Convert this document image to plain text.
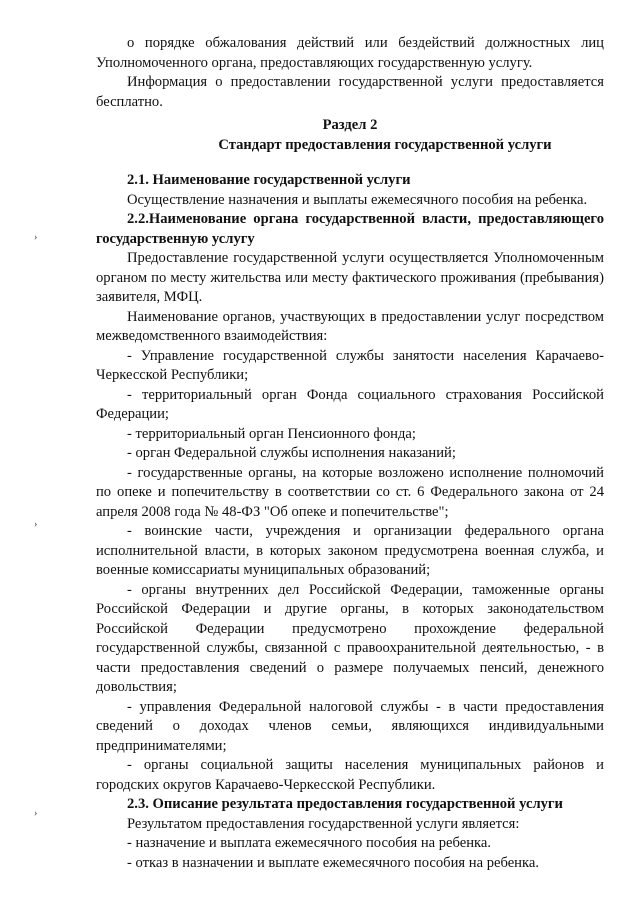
›
›
›

о порядке обжалования действий или бездействий должностных лиц Уполномоченного органа, предоставляющих государственную услугу.

Информация о предоставлении государственной услуги предоставляется бесплатно.

Раздел 2

Стандарт предоставления государственной услуги

2.1. Наименование государственной услуги

Осуществление назначения и выплаты ежемесячного пособия на ребенка.

2.2.Наименование органа государственной власти, предоставляющего государственную услугу

Предоставление государственной услуги осуществляется Уполномоченным органом по месту жительства или месту фактического проживания (пребывания) заявителя, МФЦ.

Наименование органов, участвующих в предоставлении услуг посредством межведомственного взаимодействия:

- Управление государственной службы занятости населения Карачаево-Черкесской Республики;

- территориальный орган Фонда социального страхования Российской Федерации;

- территориальный орган Пенсионного фонда;

- орган Федеральной службы исполнения наказаний;

- государственные органы, на которые возложено исполнение полномочий по опеке и попечительству в соответствии со ст. 6 Федерального закона от 24 апреля 2008 года № 48-ФЗ "Об опеке и попечительстве";

- воинские части, учреждения и организации федерального органа исполнительной власти, в которых законом предусмотрена военная служба, и военные комиссариаты муниципальных образований;

- органы внутренних дел Российской Федерации, таможенные органы Российской Федерации и другие органы, в которых законодательством Российской Федерации предусмотрено прохождение федеральной государственной службы, связанной с правоохранительной деятельностью, - в части предоставления сведений о размере получаемых пенсий, денежного довольствия;

- управления Федеральной налоговой службы - в части предоставления сведений о доходах членов семьи, являющихся индивидуальными предпринимателями;

- органы социальной защиты населения муниципальных районов и городских округов Карачаево-Черкесской Республики.

2.3. Описание результата предоставления государственной услуги

Результатом предоставления государственной услуги является:

- назначение и выплата ежемесячного пособия на ребенка.

- отказ в назначении и выплате ежемесячного пособия на ребенка.
